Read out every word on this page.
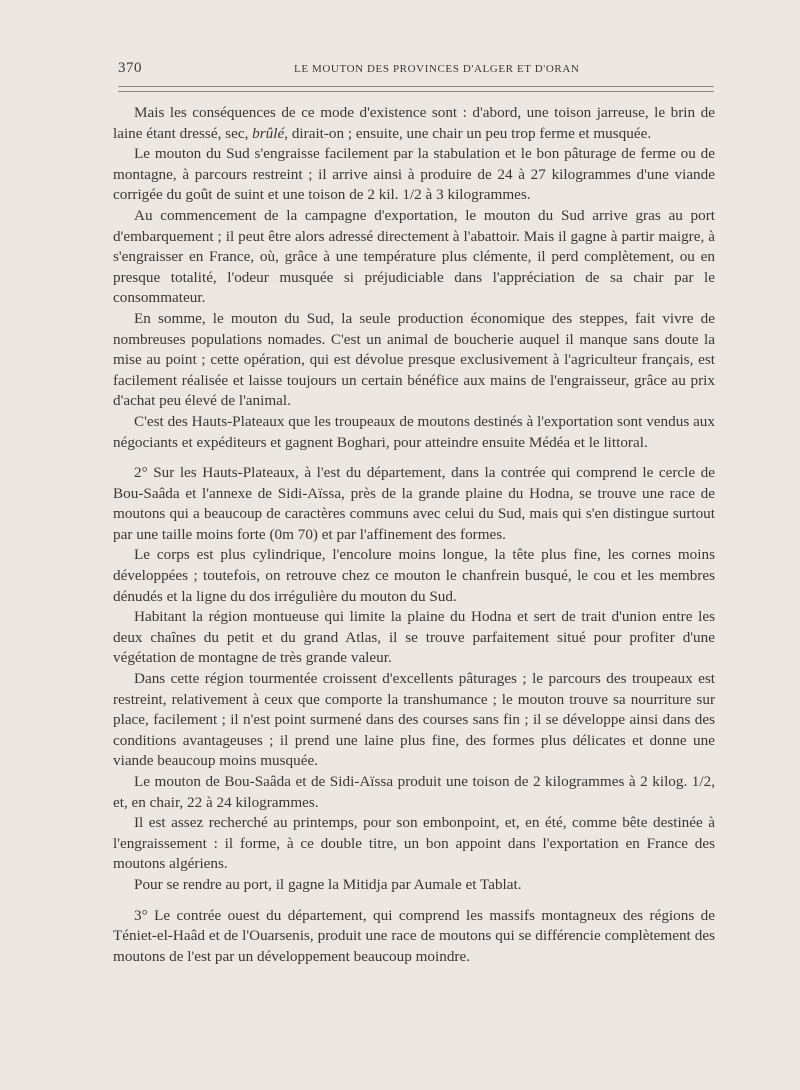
370	LE MOUTON DES PROVINCES D'ALGER ET D'ORAN

Mais les conséquences de ce mode d'existence sont : d'abord, une toison jarreuse, le brin de laine étant dressé, sec, brûlé, dirait-on ; ensuite, une chair un peu trop ferme et musquée.

Le mouton du Sud s'engraisse facilement par la stabulation et le bon pâturage de ferme ou de montagne, à parcours restreint ; il arrive ainsi à produire de 24 à 27 kilogrammes d'une viande corrigée du goût de suint et une toison de 2 kil. 1/2 à 3 kilogrammes.

Au commencement de la campagne d'exportation, le mouton du Sud arrive gras au port d'embarquement ; il peut être alors adressé directement à l'abattoir. Mais il gagne à partir maigre, à s'engraisser en France, où, grâce à une température plus clémente, il perd complètement, ou en presque totalité, l'odeur musquée si préjudiciable dans l'appréciation de sa chair par le consommateur.

En somme, le mouton du Sud, la seule production économique des steppes, fait vivre de nombreuses populations nomades. C'est un animal de boucherie auquel il manque sans doute la mise au point ; cette opération, qui est dévolue presque exclusivement à l'agriculteur français, est facilement réalisée et laisse toujours un certain bénéfice aux mains de l'engraisseur, grâce au prix d'achat peu élevé de l'animal.

C'est des Hauts-Plateaux que les troupeaux de moutons destinés à l'exportation sont vendus aux négociants et expéditeurs et gagnent Boghari, pour atteindre ensuite Médéa et le littoral.

2° Sur les Hauts-Plateaux, à l'est du département, dans la contrée qui comprend le cercle de Bou-Saâda et l'annexe de Sidi-Aïssa, près de la grande plaine du Hodna, se trouve une race de moutons qui a beaucoup de caractères communs avec celui du Sud, mais qui s'en distingue surtout par une taille moins forte (0m 70) et par l'affinement des formes.

Le corps est plus cylindrique, l'encolure moins longue, la tête plus fine, les cornes moins développées ; toutefois, on retrouve chez ce mouton le chanfrein busqué, le cou et les membres dénudés et la ligne du dos irrégulière du mouton du Sud.

Habitant la région montueuse qui limite la plaine du Hodna et sert de trait d'union entre les deux chaînes du petit et du grand Atlas, il se trouve parfaitement situé pour profiter d'une végétation de montagne de très grande valeur.

Dans cette région tourmentée croissent d'excellents pâturages ; le parcours des troupeaux est restreint, relativement à ceux que comporte la transhumance ; le mouton trouve sa nourriture sur place, facilement ; il n'est point surmené dans des courses sans fin ; il se développe ainsi dans des conditions avantageuses ; il prend une laine plus fine, des formes plus délicates et donne une viande beaucoup moins musquée.

Le mouton de Bou-Saâda et de Sidi-Aïssa produit une toison de 2 kilogrammes à 2 kilog. 1/2, et, en chair, 22 à 24 kilogrammes.

Il est assez recherché au printemps, pour son embonpoint, et, en été, comme bête destinée à l'engraissement : il forme, à ce double titre, un bon appoint dans l'exportation en France des moutons algériens.

Pour se rendre au port, il gagne la Mitidja par Aumale et Tablat.

3° Le contrée ouest du département, qui comprend les massifs montagneux des régions de Téniet-el-Haâd et de l'Ouarsenis, produit une race de moutons qui se différencie complètement des moutons de l'est par un développement beaucoup moindre.
